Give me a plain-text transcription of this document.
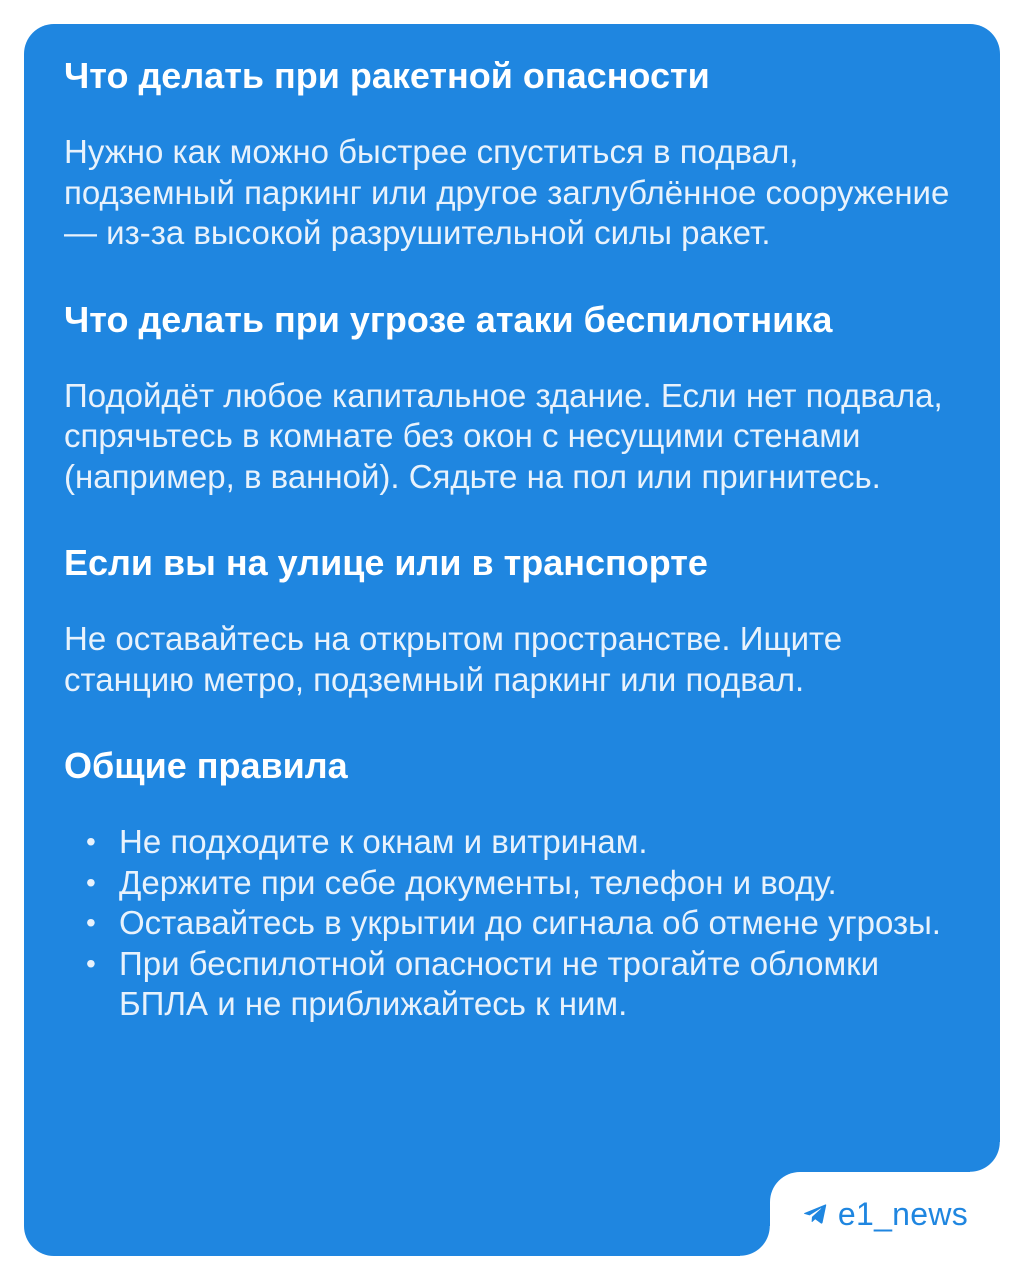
Что делать при ракетной опасности

Нужно как можно быстрее спуститься в подвал, подземный паркинг или другое заглублённое сооружение — из-за высокой разрушительной силы ракет.

Что делать при угрозе атаки беспилотника

Подойдёт любое капитальное здание. Если нет подвала, спрячьтесь в комнате без окон с несущими стенами (например, в ванной). Сядьте на пол или пригнитесь.

Если вы на улице или в транспорте

Не оставайтесь на открытом пространстве. Ищите станцию метро, подземный паркинг или подвал.

Общие правила
• Не подходите к окнам и витринам.
• Держите при себе документы, телефон и воду.
• Оставайтесь в укрытии до сигнала об отмене угрозы.
• При беспилотной опасности не трогайте обломки БПЛА и не приближайтесь к ним.
e1_news
